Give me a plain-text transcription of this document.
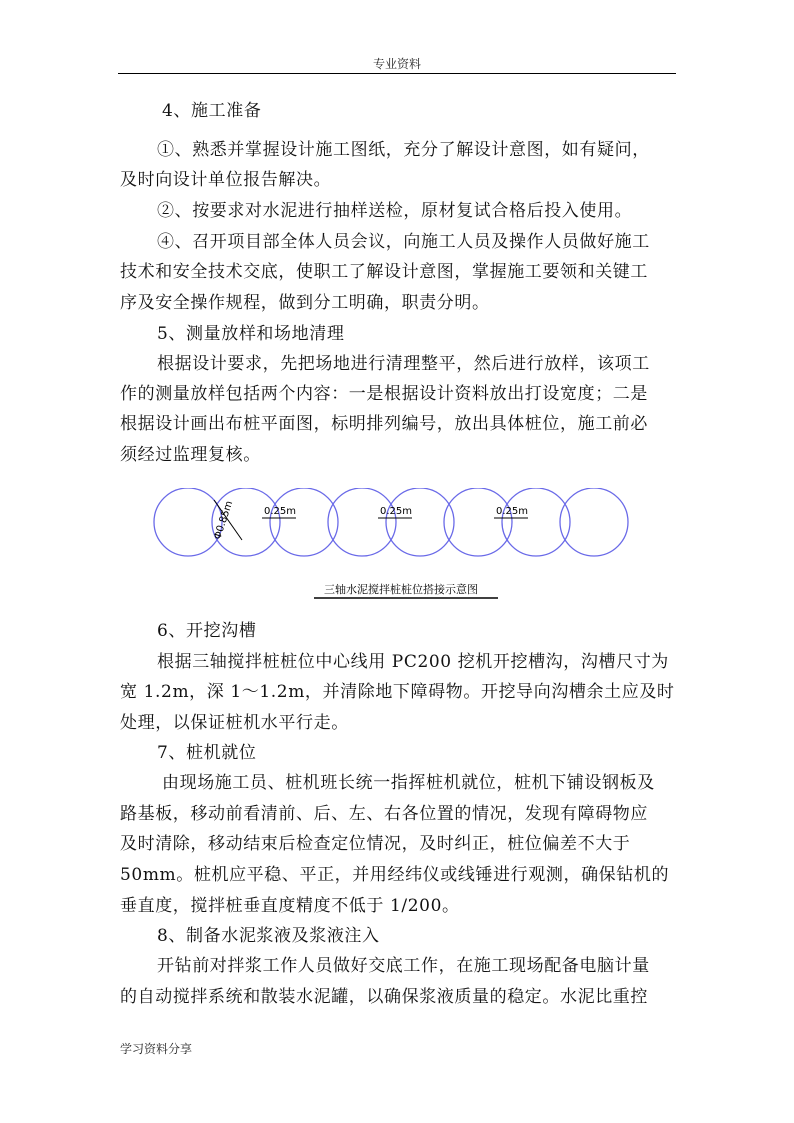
专业资料
4、施工准备
①、熟悉并掌握设计施工图纸，充分了解设计意图，如有疑问，
及时向设计单位报告解决。
②、按要求对水泥进行抽样送检，原材复试合格后投入使用。
④、召开项目部全体人员会议，向施工人员及操作人员做好施工
技术和安全技术交底，使职工了解设计意图，掌握施工要领和关键工
序及安全操作规程，做到分工明确，职责分明。
5、测量放样和场地清理
根据设计要求，先把场地进行清理整平，然后进行放样，该项工
作的测量放样包括两个内容：一是根据设计资料放出打设宽度；二是
根据设计画出布桩平面图，标明排列编号，放出具体桩位，施工前必
须经过监理复核。
Φ0.85m	0.25m	0.25m	0.25m
三轴水泥搅拌桩桩位搭接示意图
6、开挖沟槽
根据三轴搅拌桩桩位中心线用 PC200 挖机开挖槽沟，沟槽尺寸为
宽 1.2m，深 1～1.2m，并清除地下障碍物。开挖导向沟槽余土应及时
处理，以保证桩机水平行走。
7、桩机就位
由现场施工员、桩机班长统一指挥桩机就位，桩机下铺设钢板及
路基板，移动前看清前、后、左、右各位置的情况，发现有障碍物应
及时清除，移动结束后检查定位情况，及时纠正，桩位偏差不大于
50mm。桩机应平稳、平正，并用经纬仪或线锤进行观测，确保钻机的
垂直度，搅拌桩垂直度精度不低于 1/200。
8、制备水泥浆液及浆液注入
开钻前对拌浆工作人员做好交底工作，在施工现场配备电脑计量
的自动搅拌系统和散装水泥罐，以确保浆液质量的稳定。水泥比重控
学习资料分享
